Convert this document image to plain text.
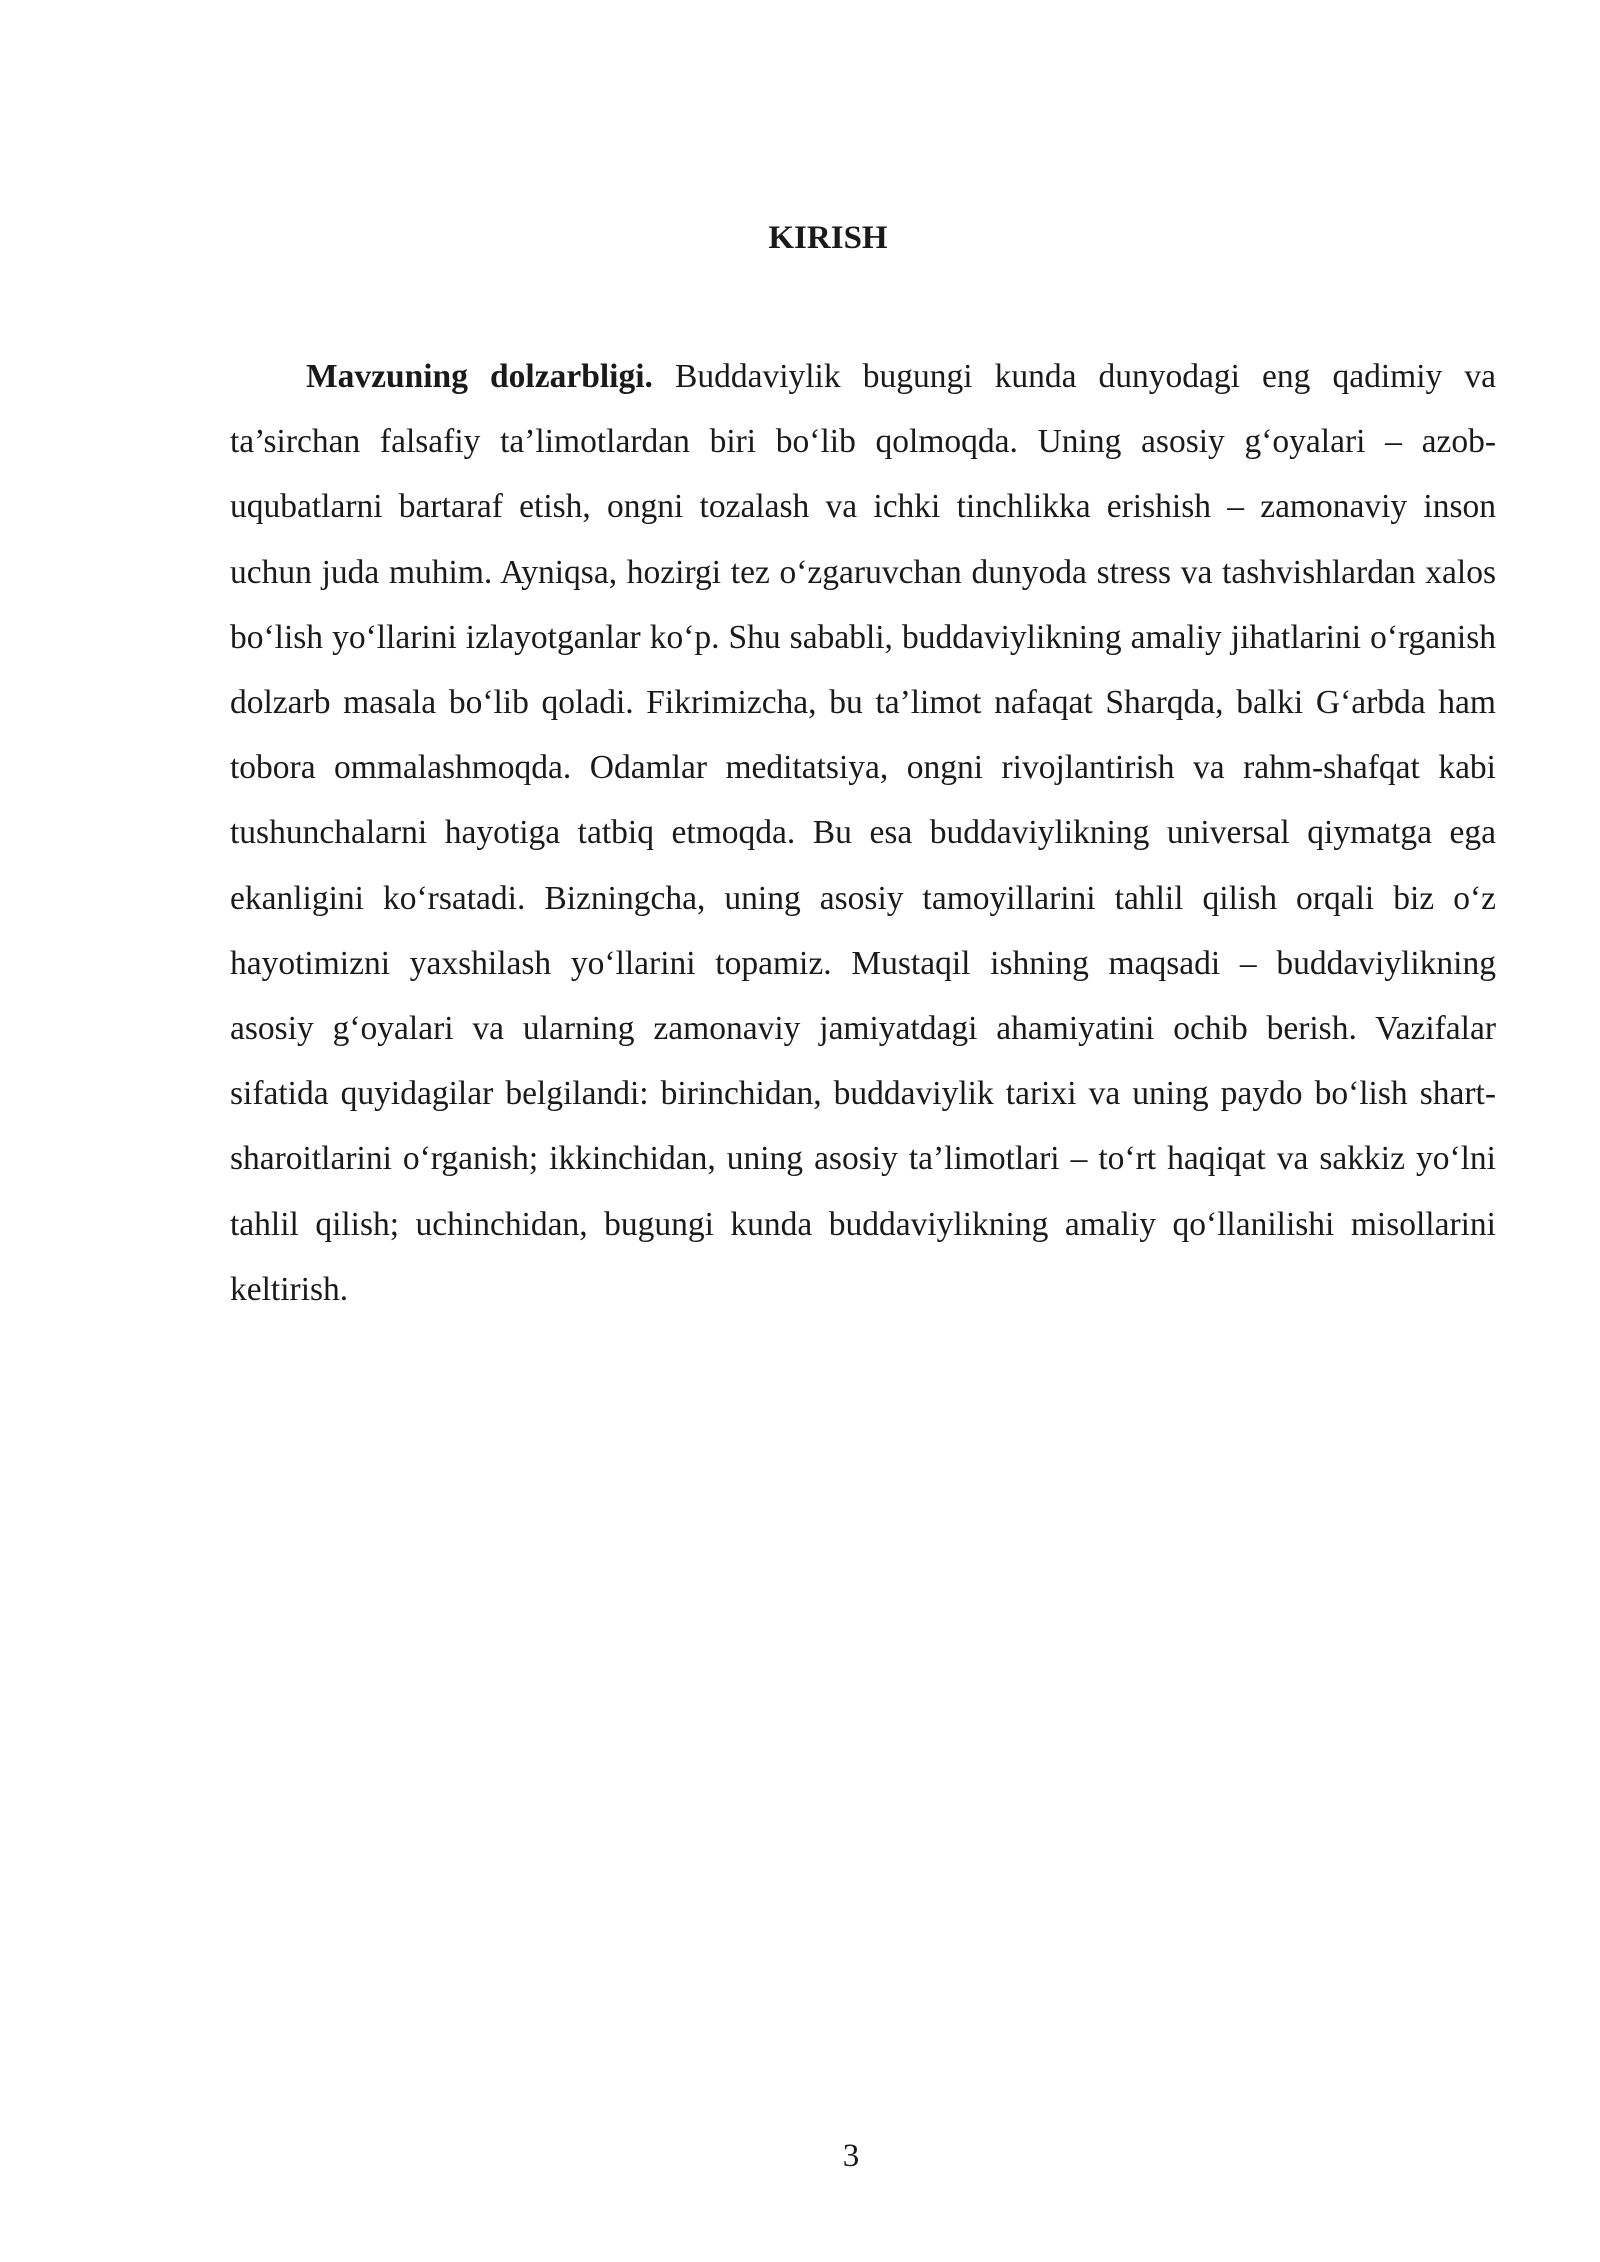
KIRISH

Mavzuning dolzarbligi. Buddaviylik bugungi kunda dunyodagi eng qadimiy va ta’sirchan falsafiy ta’limotlardan biri bo‘lib qolmoqda. Uning asosiy g‘oyalari – azob-uqubatlarni bartaraf etish, ongni tozalash va ichki tinchlikka erishish – zamonaviy inson uchun juda muhim. Ayniqsa, hozirgi tez o‘zgaruvchan dunyoda stress va tashvishlardan xalos bo‘lish yo‘llarini izlayotganlar ko‘p. Shu sababli, buddaviylikning amaliy jihatlarini o‘rganish dolzarb masala bo‘lib qoladi. Fikrimizcha, bu ta’limot nafaqat Sharqda, balki G‘arbda ham tobora ommalashmoqda. Odamlar meditatsiya, ongni rivojlantirish va rahm-shafqat kabi tushunchalarni hayotiga tatbiq etmoqda. Bu esa buddaviylikning universal qiymatga ega ekanligini ko‘rsatadi. Bizningcha, uning asosiy tamoyillarini tahlil qilish orqali biz o‘z hayotimizni yaxshilash yo‘llarini topamiz. Mustaqil ishning maqsadi – buddaviylikning asosiy g‘oyalari va ularning zamonaviy jamiyatdagi ahamiyatini ochib berish. Vazifalar sifatida quyidagilar belgilandi: birinchidan, buddaviylik tarixi va uning paydo bo‘lish shart-sharoitlarini o‘rganish; ikkinchidan, uning asosiy ta’limotlari – to‘rt haqiqat va sakkiz yo‘lni tahlil qilish; uchinchidan, bugungi kunda buddaviylikning amaliy qo‘llanilishi misollarini keltirish.

3
